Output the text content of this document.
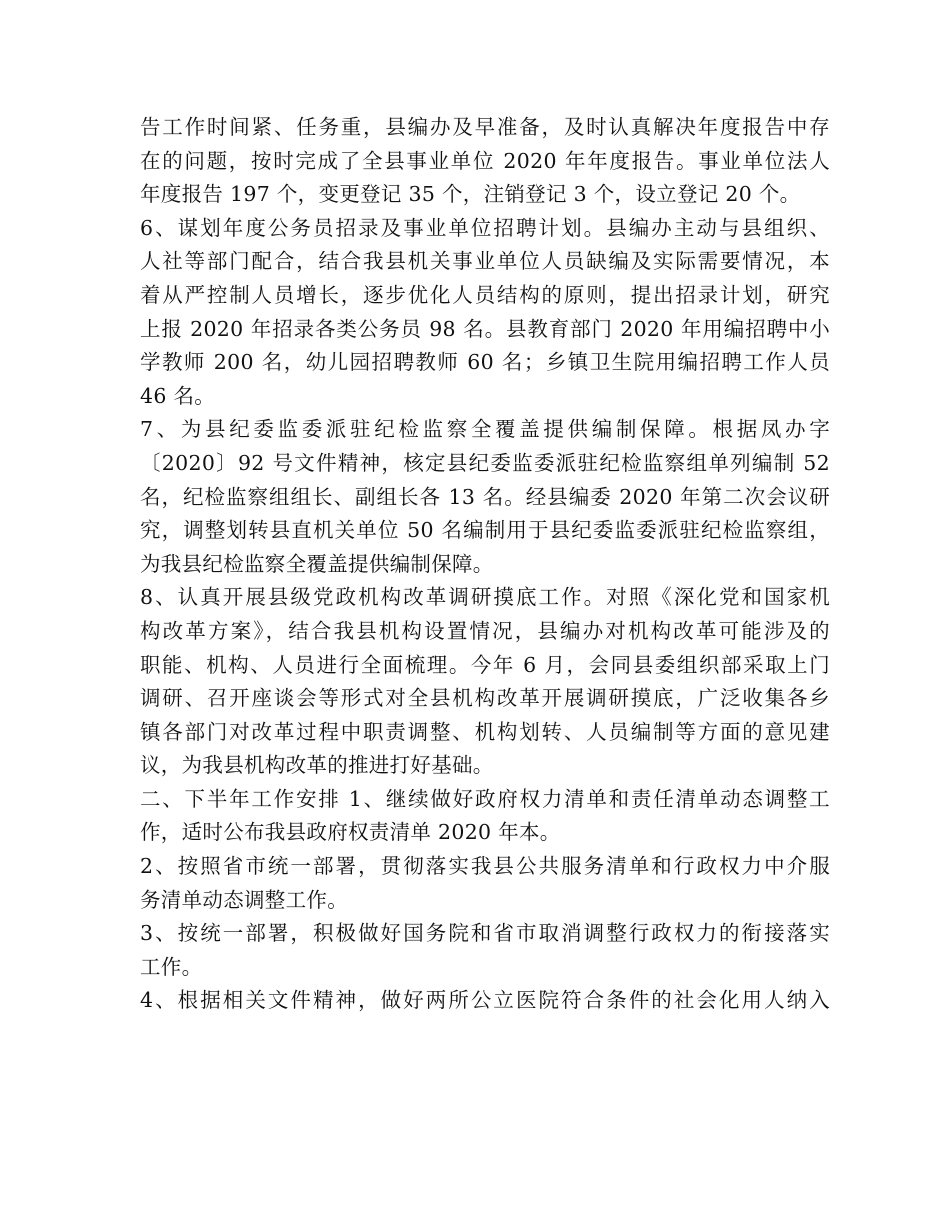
告工作时间紧、任务重，县编办及早准备，及时认真解决年度报告中存
在的问题，按时完成了全县事业单位 2020 年年度报告。事业单位法人
年度报告 197 个，变更登记 35 个，注销登记 3 个，设立登记 20 个。
6、谋划年度公务员招录及事业单位招聘计划。县编办主动与县组织、
人社等部门配合，结合我县机关事业单位人员缺编及实际需要情况，本
着从严控制人员增长，逐步优化人员结构的原则，提出招录计划，研究
上报 2020 年招录各类公务员 98 名。县教育部门 2020 年用编招聘中小
学教师 200 名，幼儿园招聘教师 60 名；乡镇卫生院用编招聘工作人员
46 名。
7、为县纪委监委派驻纪检监察全覆盖提供编制保障。根据凤办字
〔2020〕92 号文件精神，核定县纪委监委派驻纪检监察组单列编制 52
名，纪检监察组组长、副组长各 13 名。经县编委 2020 年第二次会议研
究，调整划转县直机关单位 50 名编制用于县纪委监委派驻纪检监察组，
为我县纪检监察全覆盖提供编制保障。
8、认真开展县级党政机构改革调研摸底工作。对照《深化党和国家机
构改革方案》，结合我县机构设置情况，县编办对机构改革可能涉及的
职能、机构、人员进行全面梳理。今年 6 月，会同县委组织部采取上门
调研、召开座谈会等形式对全县机构改革开展调研摸底，广泛收集各乡
镇各部门对改革过程中职责调整、机构划转、人员编制等方面的意见建
议，为我县机构改革的推进打好基础。
二、下半年工作安排 1、继续做好政府权力清单和责任清单动态调整工
作，适时公布我县政府权责清单 2020 年本。
2、按照省市统一部署，贯彻落实我县公共服务清单和行政权力中介服
务清单动态调整工作。
3、按统一部署，积极做好国务院和省市取消调整行政权力的衔接落实
工作。
4、根据相关文件精神，做好两所公立医院符合条件的社会化用人纳入
